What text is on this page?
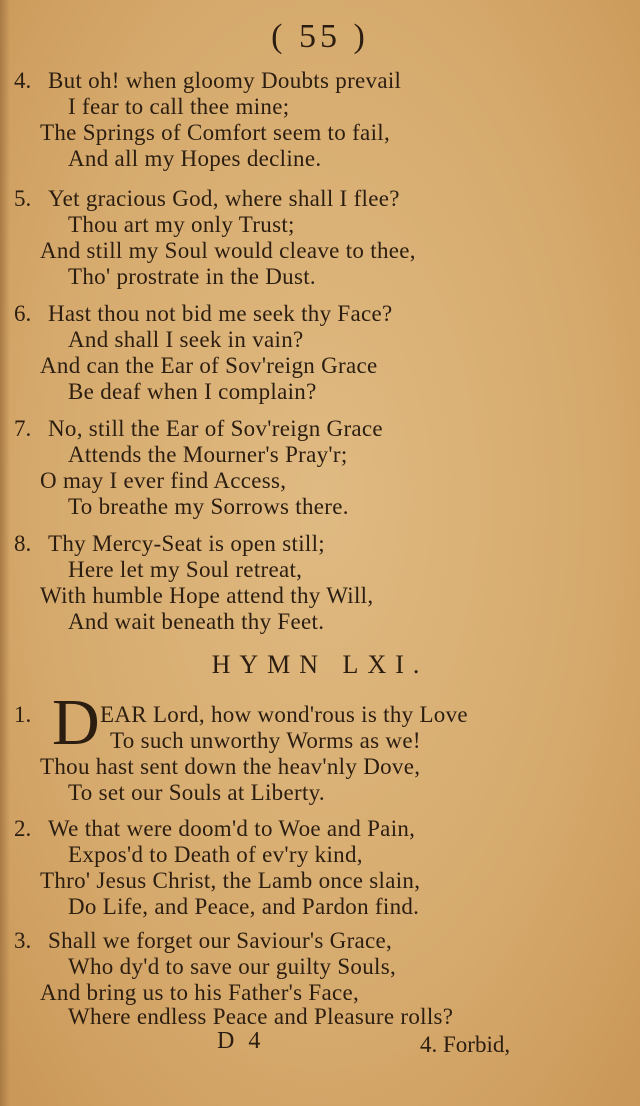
( 55 )
4. But oh! when gloomy Doubts prevail
I fear to call thee mine;
The Springs of Comfort seem to fail,
And all my Hopes decline.
5. Yet gracious God, where shall I flee?
Thou art my only Trust;
And still my Soul would cleave to thee,
Tho' prostrate in the Dust.
6. Hast thou not bid me seek thy Face?
And shall I seek in vain?
And can the Ear of Sov'reign Grace
Be deaf when I complain?
7. No, still the Ear of Sov'reign Grace
Attends the Mourner's Pray'r;
O may I ever find Access,
To breathe my Sorrows there.
8. Thy Mercy-Seat is open still;
Here let my Soul retreat,
With humble Hope attend thy Will,
And wait beneath thy Feet.
HYMN LXI.
1. D EAR Lord, how wond'rous is thy Love
To such unworthy Worms as we!
Thou hast sent down the heav'nly Dove,
To set our Souls at Liberty.
2. We that were doom'd to Woe and Pain,
Expos'd to Death of ev'ry kind,
Thro' Jesus Christ, the Lamb once slain,
Do Life, and Peace, and Pardon find.
3. Shall we forget our Saviour's Grace,
Who dy'd to save our guilty Souls,
And bring us to his Father's Face,
Where endless Peace and Pleasure rolls?
D 4	4. Forbid,
